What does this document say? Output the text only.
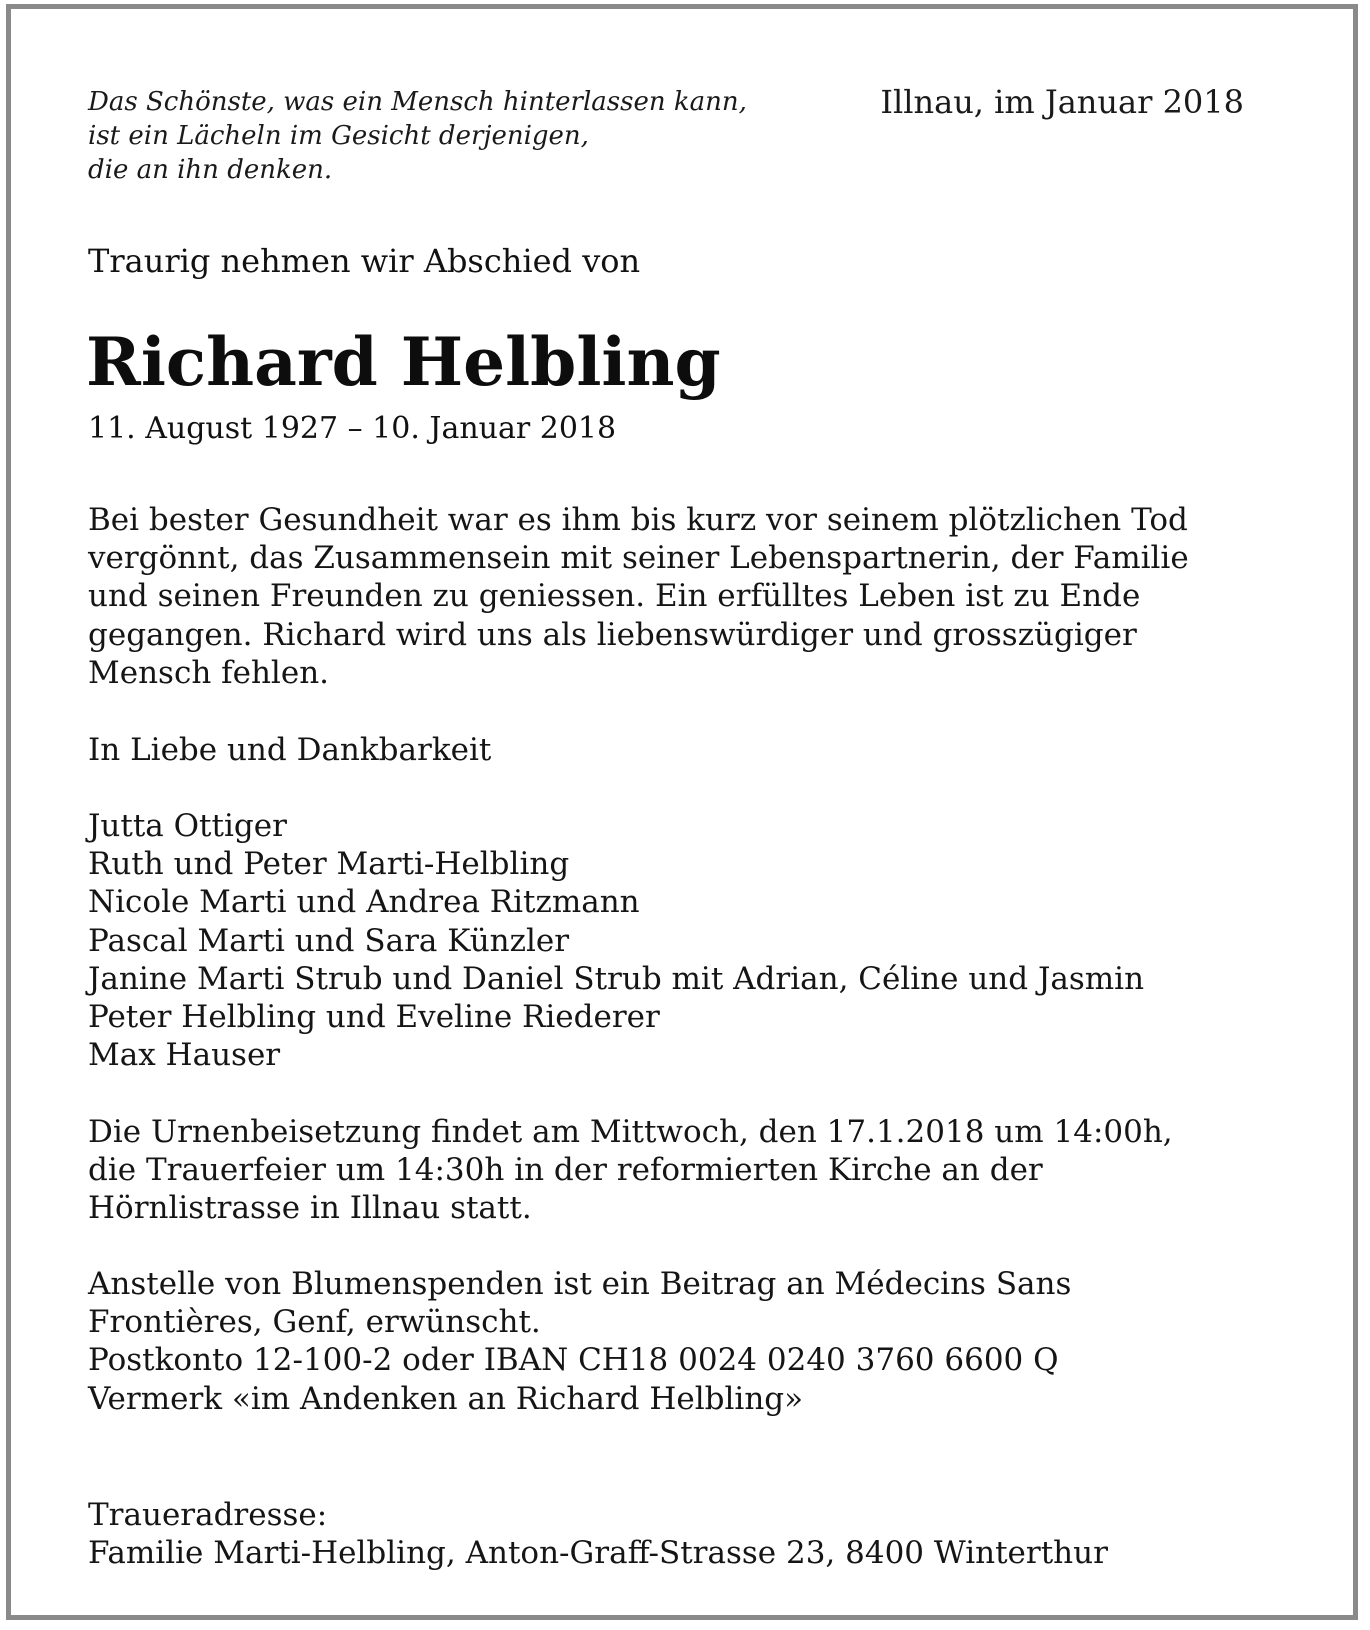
Das Schönste, was ein Mensch hinterlassen kann,
ist ein Lächeln im Gesicht derjenigen,
die an ihn denken.
Illnau, im Januar 2018
Traurig nehmen wir Abschied von
Richard Helbling
11. August 1927 – 10. Januar 2018
Bei bester Gesundheit war es ihm bis kurz vor seinem plötzlichen Tod
vergönnt, das Zusammensein mit seiner Lebenspartnerin, der Familie
und seinen Freunden zu geniessen. Ein erfülltes Leben ist zu Ende
gegangen. Richard wird uns als liebenswürdiger und grosszügiger
Mensch fehlen.
In Liebe und Dankbarkeit
Jutta Ottiger
Ruth und Peter Marti-Helbling
Nicole Marti und Andrea Ritzmann
Pascal Marti und Sara Künzler
Janine Marti Strub und Daniel Strub mit Adrian, Céline und Jasmin
Peter Helbling und Eveline Riederer
Max Hauser
Die Urnenbeisetzung findet am Mittwoch, den 17.1.2018 um 14:00h,
die Trauerfeier um 14:30h in der reformierten Kirche an der
Hörnlistrasse in Illnau statt.
Anstelle von Blumenspenden ist ein Beitrag an Médecins Sans
Frontières, Genf, erwünscht.
Postkonto 12-100-2 oder IBAN CH18 0024 0240 3760 6600 Q
Vermerk «im Andenken an Richard Helbling»
Traueradresse:
Familie Marti-Helbling, Anton-Graff-Strasse 23, 8400 Winterthur
